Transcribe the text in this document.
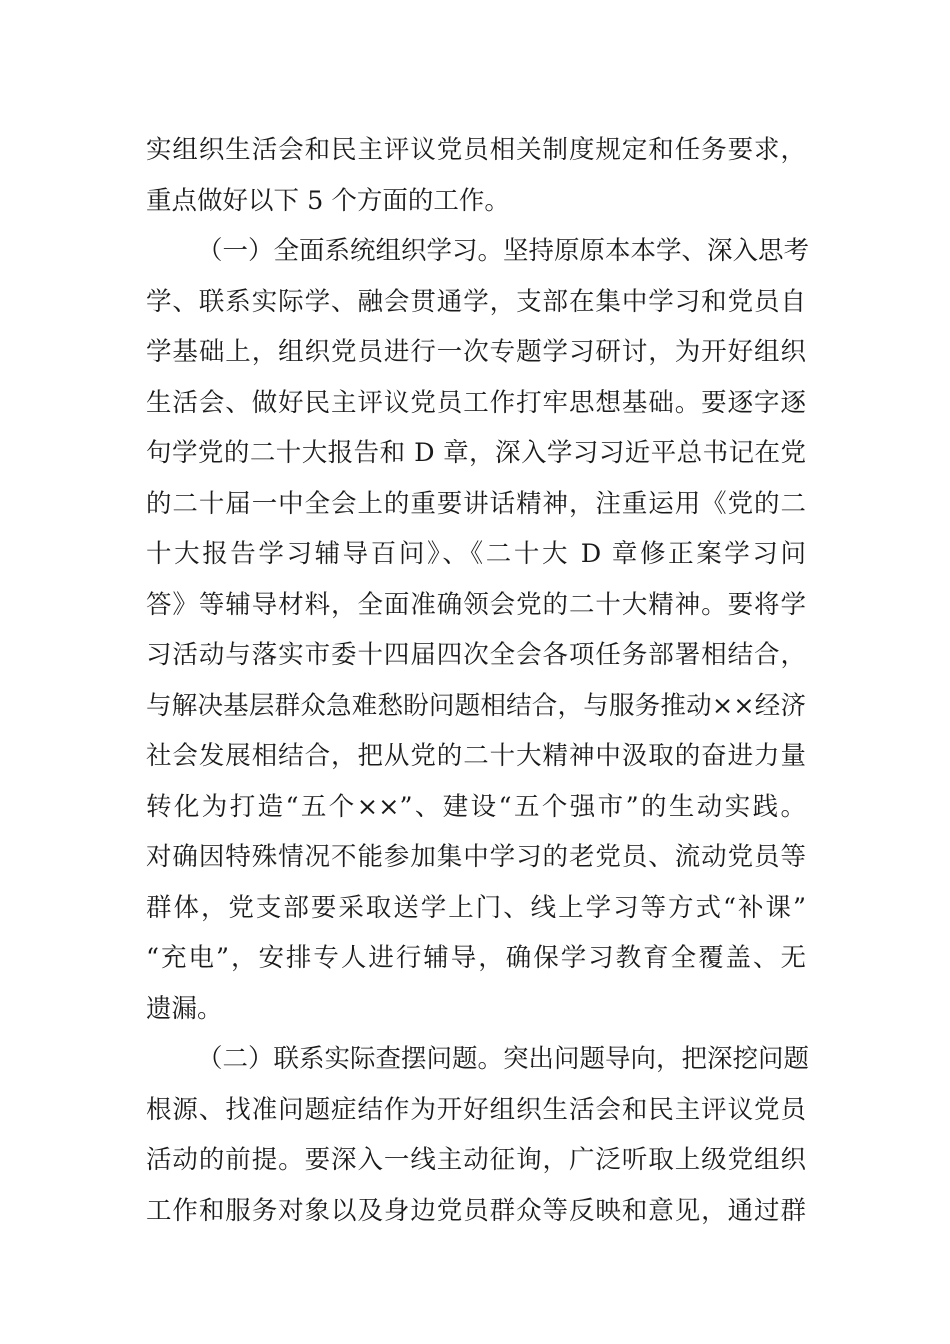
实组织生活会和民主评议党员相关制度规定和任务要求，
重点做好以下 5 个方面的工作。

（一）全面系统组织学习。坚持原原本本学、深入思考
学、联系实际学、融会贯通学，支部在集中学习和党员自
学基础上，组织党员进行一次专题学习研讨，为开好组织
生活会、做好民主评议党员工作打牢思想基础。要逐字逐
句学党的二十大报告和 D 章，深入学习习近平总书记在党
的二十届一中全会上的重要讲话精神，注重运用《党的二
十大报告学习辅导百问》、《二十大 D 章修正案学习问
答》等辅导材料，全面准确领会党的二十大精神。要将学
习活动与落实市委十四届四次全会各项任务部署相结合，
与解决基层群众急难愁盼问题相结合，与服务推动××经济
社会发展相结合，把从党的二十大精神中汲取的奋进力量
转化为打造“五个××”、建设“五个强市”的生动实践。
对确因特殊情况不能参加集中学习的老党员、流动党员等
群体，党支部要采取送学上门、线上学习等方式“补课”
“充电”，安排专人进行辅导，确保学习教育全覆盖、无
遗漏。

（二）联系实际查摆问题。突出问题导向，把深挖问题
根源、找准问题症结作为开好组织生活会和民主评议党员
活动的前提。要深入一线主动征询，广泛听取上级党组织
工作和服务对象以及身边党员群众等反映和意见，通过群
